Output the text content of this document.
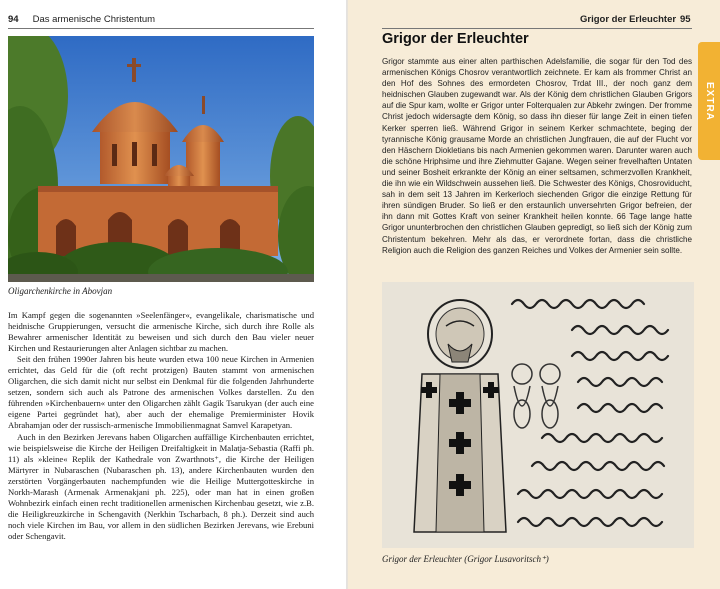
94 Das armenische Christentum
Oligarchenkirche in Abovjan

Im Kampf gegen die sogenannten »Seelenfänger«, evangelikale, charismatische und heidnische Gruppierungen, versucht die armenische Kirche, sich durch ihre Rolle als Bewahrer armenischer Identität zu beweisen und sich durch den Bau vieler neuer Kirchen und Restaurierungen alter Anlagen sichtbar zu machen.

Seit den frühen 1990er Jahren bis heute wurden etwa 100 neue Kirchen in Armenien errichtet, das Geld für die (oft recht protzigen) Bauten stammt von armenischen Oligarchen, die sich damit nicht nur selbst ein Denkmal für die folgenden Jahrhunderte setzen, sondern sich auch als Patrone des armenischen Volkes darstellen. Zu den führenden »Kirchenbauern« unter den Oligarchen zählt Gagik Tsarukyan (der auch eine eigene Partei gegründet hat), aber auch der ehemalige Premierminister Hovik Abrahamjan oder der russisch-armenische Immobilienmagnat Samvel Karapetyan.

Auch in den Bezirken Jerevans haben Oligarchen auffällige Kirchenbauten errichtet, wie beispielsweise die Kirche der Heiligen Dreifaltigkeit in Malatja-Sebastia (Raffi ph. 11) als »kleine« Replik der Kathedrale von Zwarthnots⁺, die Kirche der Heiligen Märtyrer in Nubaraschen (Nubaraschen ph. 13), andere Kirchenbauten wurden den zerstörten Vorgängerbauten nachempfunden wie die Heilige Muttergotteskirche in Norkh-Marash (Armenak Armenakjani ph. 225), oder man hat in einen großen Wohnbezirk einfach einen recht traditionellen armenischen Kirchenbau gesetzt, wie z.B. die Heiligkreuzkirche in Schengavith (Nerkhin Tscharbach, 8 ph.). Derzeit sind auch noch viele Kirchen im Bau, vor allem in den südlichen Bezirken Jerevans, wie Erebuni oder Schengavit.

Grigor der Erleuchter 95
EXTRA
Grigor der Erleuchter

Grigor stammte aus einer alten parthischen Adelsfamilie, die sogar für den Tod des armenischen Königs Chosrov verantwortlich zeichnete. Er kam als frommer Christ an den Hof des Sohnes des ermordeten Chosrov, Trdat III., der noch ganz dem heidnischen Glauben zugewandt war. Als der König dem christlichen Glauben Grigors auf die Spur kam, wollte er Grigor unter Folterqualen zur Abkehr zwingen. Der fromme Christ jedoch widersagte dem König, so dass ihn dieser für lange Zeit in einen tiefen Kerker sperren ließ. Während Grigor in seinem Kerker schmachtete, beging der tyrannische König grausame Morde an christlichen Jungfrauen, die auf der Flucht vor den Häschern Diokletians bis nach Armenien gekommen waren. Darunter waren auch die schöne Hriphsime und ihre Ziehmutter Gajane. Wegen seiner frevelhaften Untaten und seiner Bosheit erkrankte der König an einer seltsamen, schmerzvollen Krankheit, die ihn wie ein Wildschwein aussehen ließ. Die Schwester des Königs, Chosroviducht, sah in dem seit 13 Jahren im Kerkerloch siechenden Grigor die einzige Rettung für ihren sündigen Bruder. So ließ er den erstaunlich unversehrten Grigor befreien, der ihn dann mit Gottes Kraft von seiner Krankheit heilen konnte. 66 Tage lange hatte Grigor ununterbrochen den christlichen Glauben gepredigt, so ließ sich der König zum Christentum bekehren. Mehr als das, er verordnete fortan, dass die christliche Religion auch die Religion des ganzen Reiches und Volkes der Armenier sein sollte.

Grigor der Erleuchter (Grigor Lusavoritsch⁺)
